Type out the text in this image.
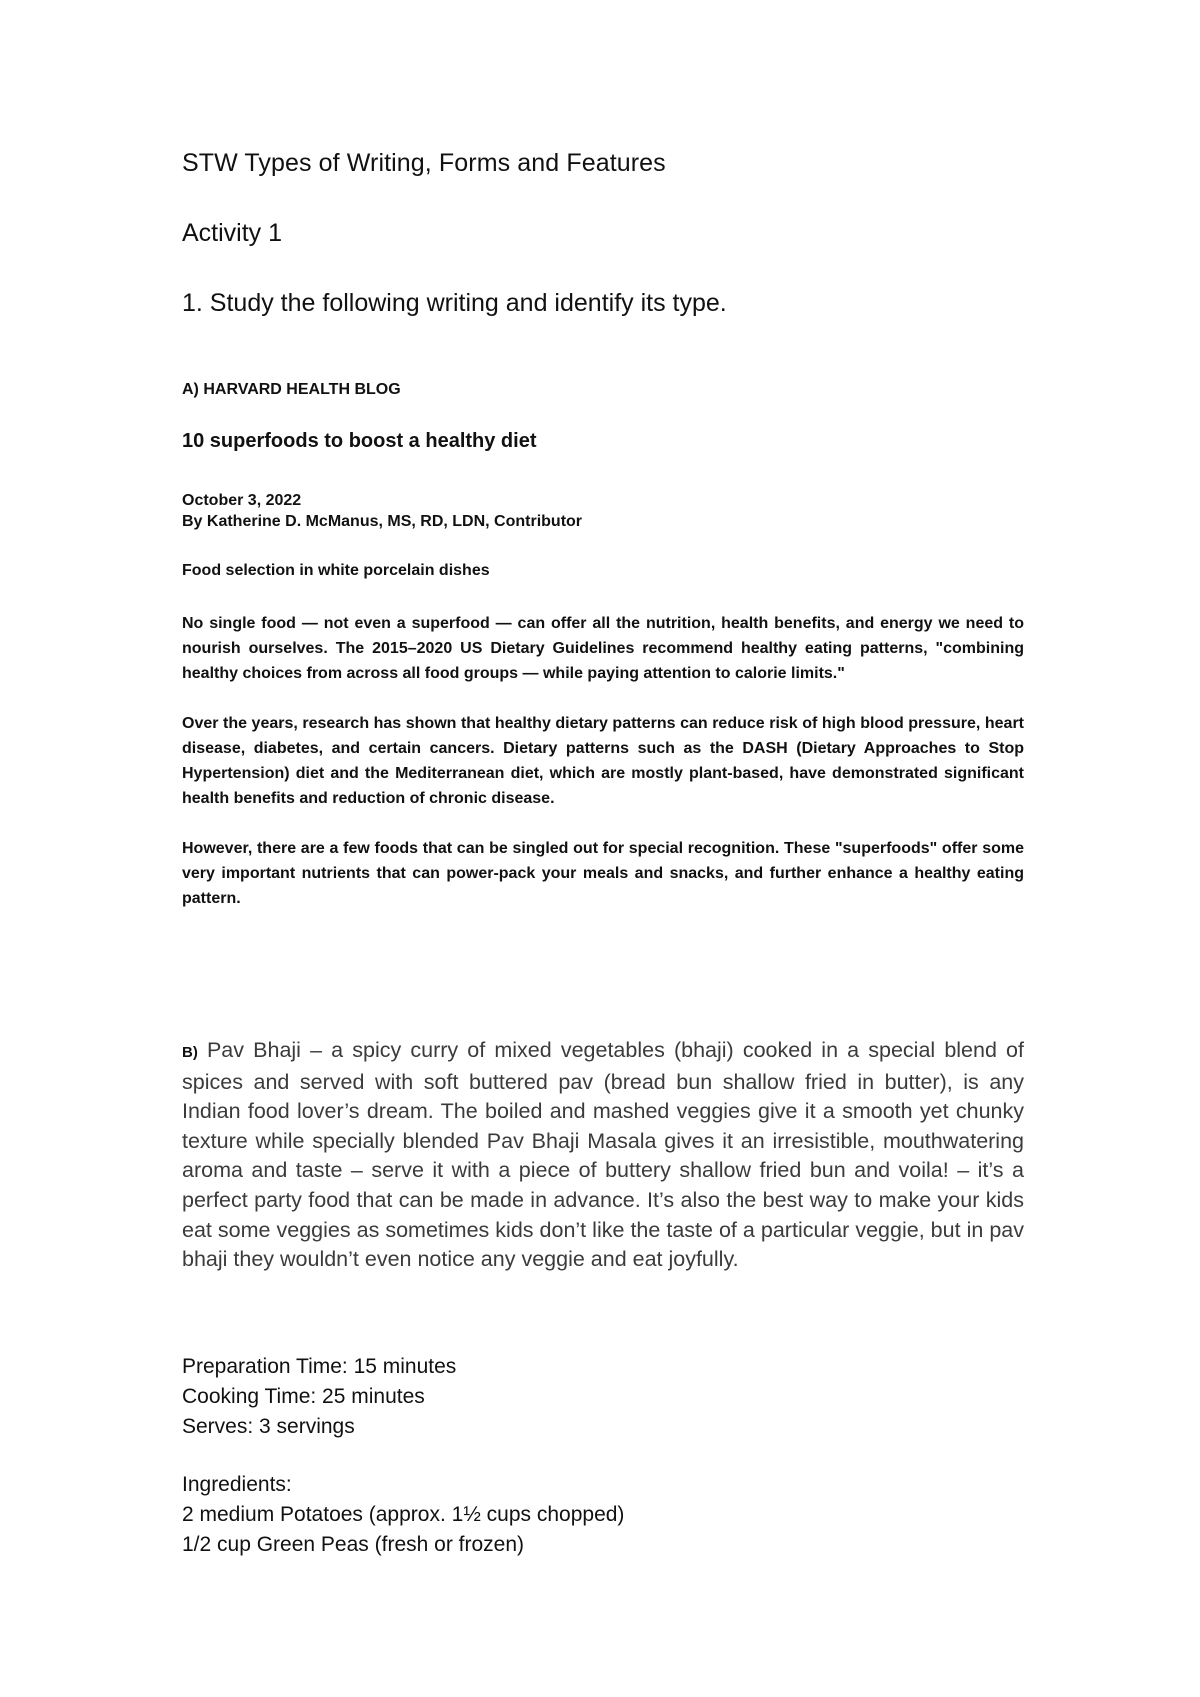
STW Types of Writing, Forms and Features

Activity 1

1. Study the following writing and identify its type.

A) HARVARD HEALTH BLOG

10 superfoods to boost a healthy diet

October 3, 2022

By Katherine D. McManus, MS, RD, LDN, Contributor

Food selection in white porcelain dishes

No single food — not even a superfood — can offer all the nutrition, health benefits, and energy we need to nourish ourselves. The 2015–2020 US Dietary Guidelines recommend healthy eating patterns, "combining healthy choices from across all food groups — while paying attention to calorie limits."

Over the years, research has shown that healthy dietary patterns can reduce risk of high blood pressure, heart disease, diabetes, and certain cancers. Dietary patterns such as the DASH (Dietary Approaches to Stop Hypertension) diet and the Mediterranean diet, which are mostly plant-based, have demonstrated significant health benefits and reduction of chronic disease.

However, there are a few foods that can be singled out for special recognition. These "superfoods" offer some very important nutrients that can power-pack your meals and snacks, and further enhance a healthy eating pattern.

B) Pav Bhaji – a spicy curry of mixed vegetables (bhaji) cooked in a special blend of spices and served with soft buttered pav (bread bun shallow fried in butter), is any Indian food lover’s dream. The boiled and mashed veggies give it a smooth yet chunky texture while specially blended Pav Bhaji Masala gives it an irresistible, mouthwatering aroma and taste – serve it with a piece of buttery shallow fried bun and voila! – it’s a perfect party food that can be made in advance. It’s also the best way to make your kids eat some veggies as sometimes kids don’t like the taste of a particular veggie, but in pav bhaji they wouldn’t even notice any veggie and eat joyfully.

Preparation Time: 15 minutes
Cooking Time: 25 minutes
Serves: 3 servings
Ingredients:
2 medium Potatoes (approx. 1½ cups chopped)
1/2 cup Green Peas (fresh or frozen)
